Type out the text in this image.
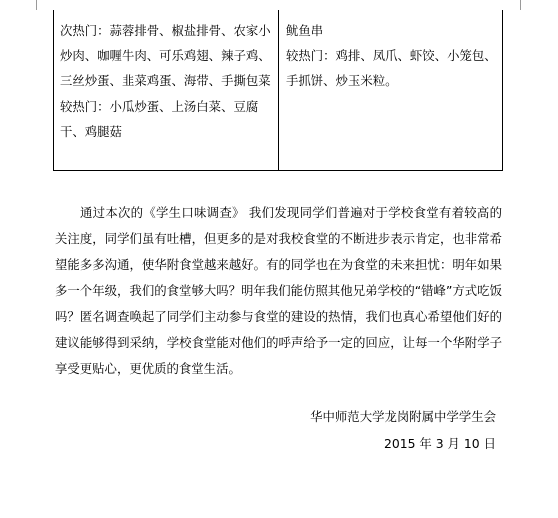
次热门：蒜蓉排骨、椒盐排骨、农家小炒肉、咖喱牛肉、可乐鸡翅、辣子鸡、三丝炒蛋、韭菜鸡蛋、海带、手撕包菜
较热门：小瓜炒蛋、上汤白菜、豆腐干、鸡腿菇
鱿鱼串
较热门：鸡排、凤爪、虾饺、小笼包、手抓饼、炒玉米粒。

通过本次的《学生口味调查》 我们发现同学们普遍对于学校食堂有着较高的关注度，同学们虽有吐槽，但更多的是对我校食堂的不断进步表示肯定，也非常希望能多多沟通，使华附食堂越来越好。有的同学也在为食堂的未来担忧：明年如果多一个年级，我们的食堂够大吗？明年我们能仿照其他兄弟学校的“错峰”方式吃饭吗？匿名调查唤起了同学们主动参与食堂的建设的热情，我们也真心希望他们好的建议能够得到采纳，学校食堂能对他们的呼声给予一定的回应，让每一个华附学子享受更贴心，更优质的食堂生活。

华中师范大学龙岗附属中学学生会
2015 年 3 月 10 日
